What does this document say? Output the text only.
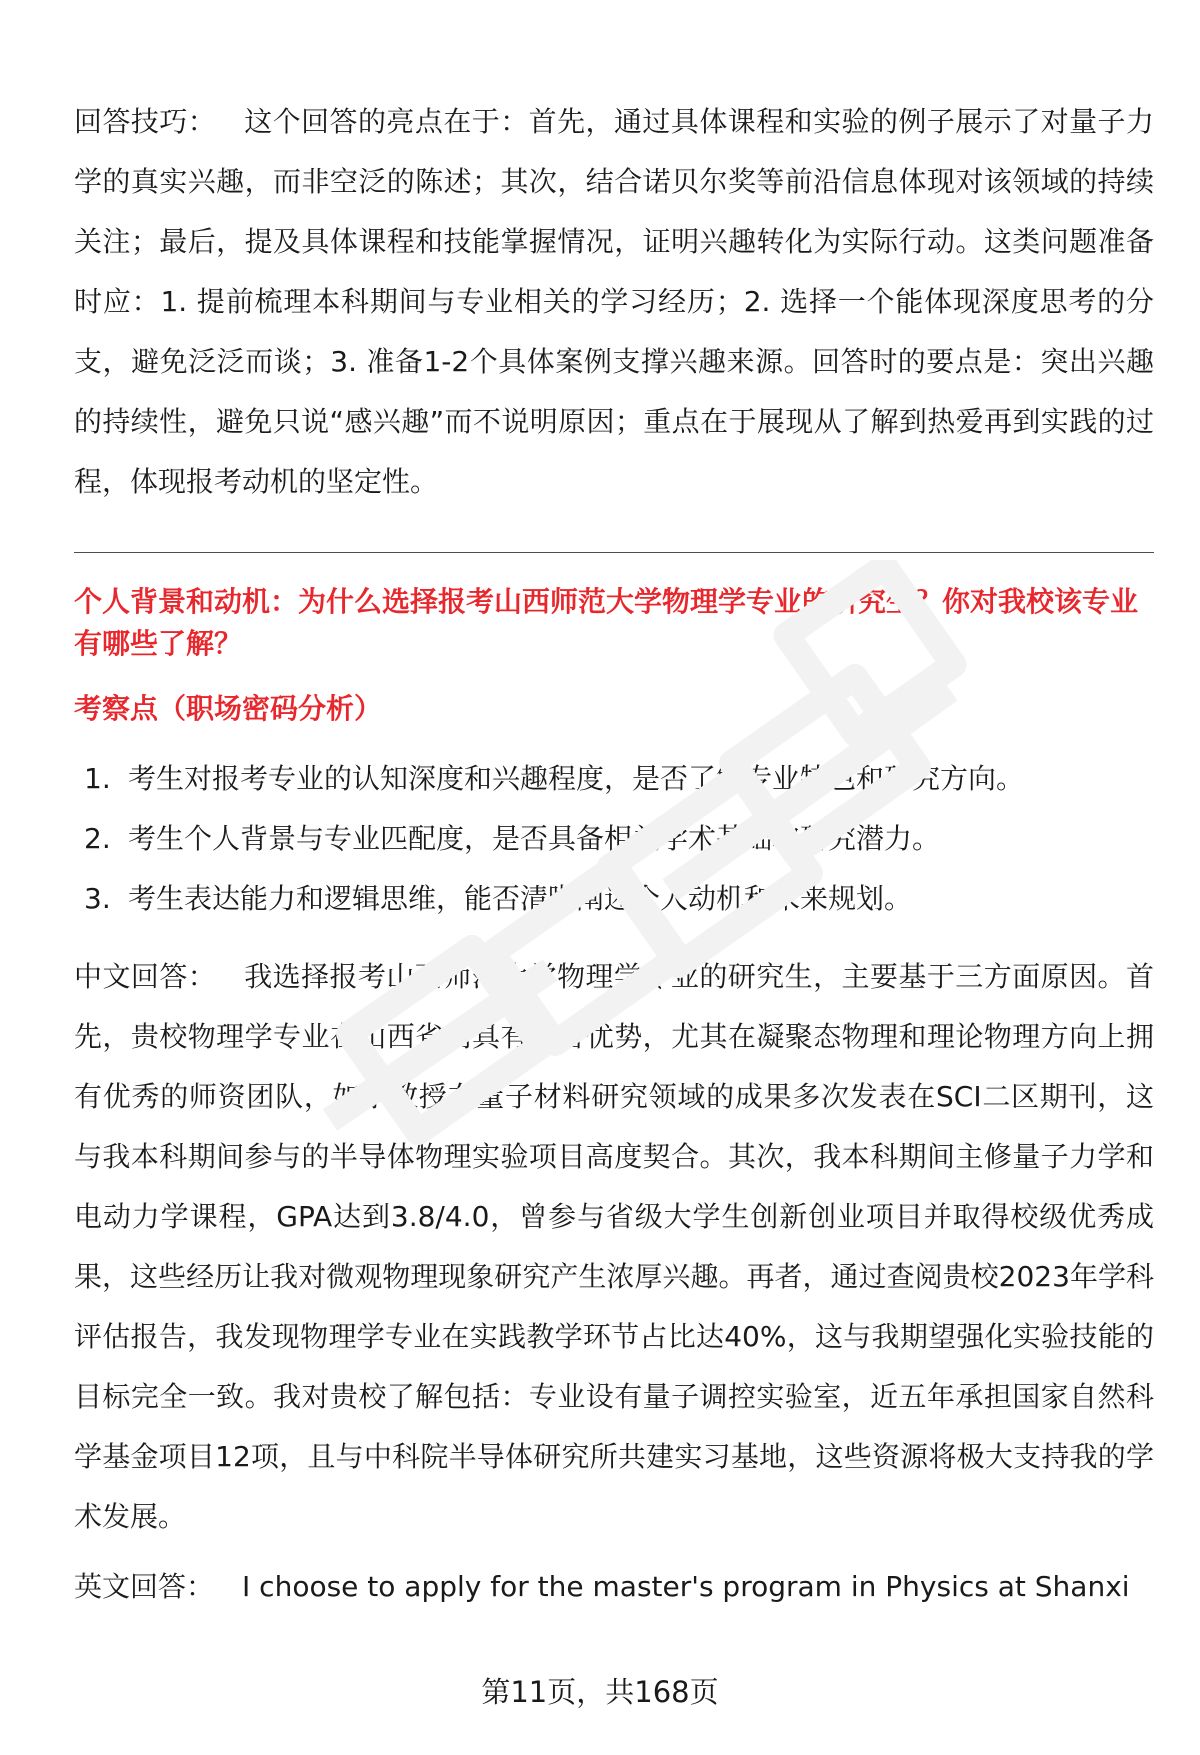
回答技巧： 这个回答的亮点在于：首先，通过具体课程和实验的例子展示了对量子力学的真实兴趣，而非空泛的陈述；其次，结合诺贝尔奖等前沿信息体现对该领域的持续关注；最后，提及具体课程和技能掌握情况，证明兴趣转化为实际行动。这类问题准备时应：1. 提前梳理本科期间与专业相关的学习经历；2. 选择一个能体现深度思考的分支，避免泛泛而谈；3. 准备1-2个具体案例支撑兴趣来源。回答时的要点是：突出兴趣的持续性，避免只说“感兴趣”而不说明原因；重点在于展现从了解到热爱再到实践的过程，体现报考动机的坚定性。

个人背景和动机：为什么选择报考山西师范大学物理学专业的研究生？你对我校该专业有哪些了解？

考察点（职场密码分析）

1. 考生对报考专业的认知深度和兴趣程度，是否了解专业特色和研究方向。
2. 考生个人背景与专业匹配度，是否具备相关学术基础和研究潜力。
3. 考生表达能力和逻辑思维，能否清晰阐述个人动机和未来规划。

中文回答： 我选择报考山西师范大学物理学专业的研究生，主要基于三方面原因。首先，贵校物理学专业在山西省内具有显著优势，尤其在凝聚态物理和理论物理方向上拥有优秀的师资团队，如李教授在量子材料研究领域的成果多次发表在SCI二区期刊，这与我本科期间参与的半导体物理实验项目高度契合。其次，我本科期间主修量子力学和电动力学课程，GPA达到3.8/4.0，曾参与省级大学生创新创业项目并取得校级优秀成果，这些经历让我对微观物理现象研究产生浓厚兴趣。再者，通过查阅贵校2023年学科评估报告，我发现物理学专业在实践教学环节占比达40%，这与我期望强化实验技能的目标完全一致。我对贵校了解包括：专业设有量子调控实验室，近五年承担国家自然科学基金项目12项，且与中科院半导体研究所共建实习基地，这些资源将极大支持我的学术发展。

英文回答： I choose to apply for the master's program in Physics at Shanxi

第11页，共168页
